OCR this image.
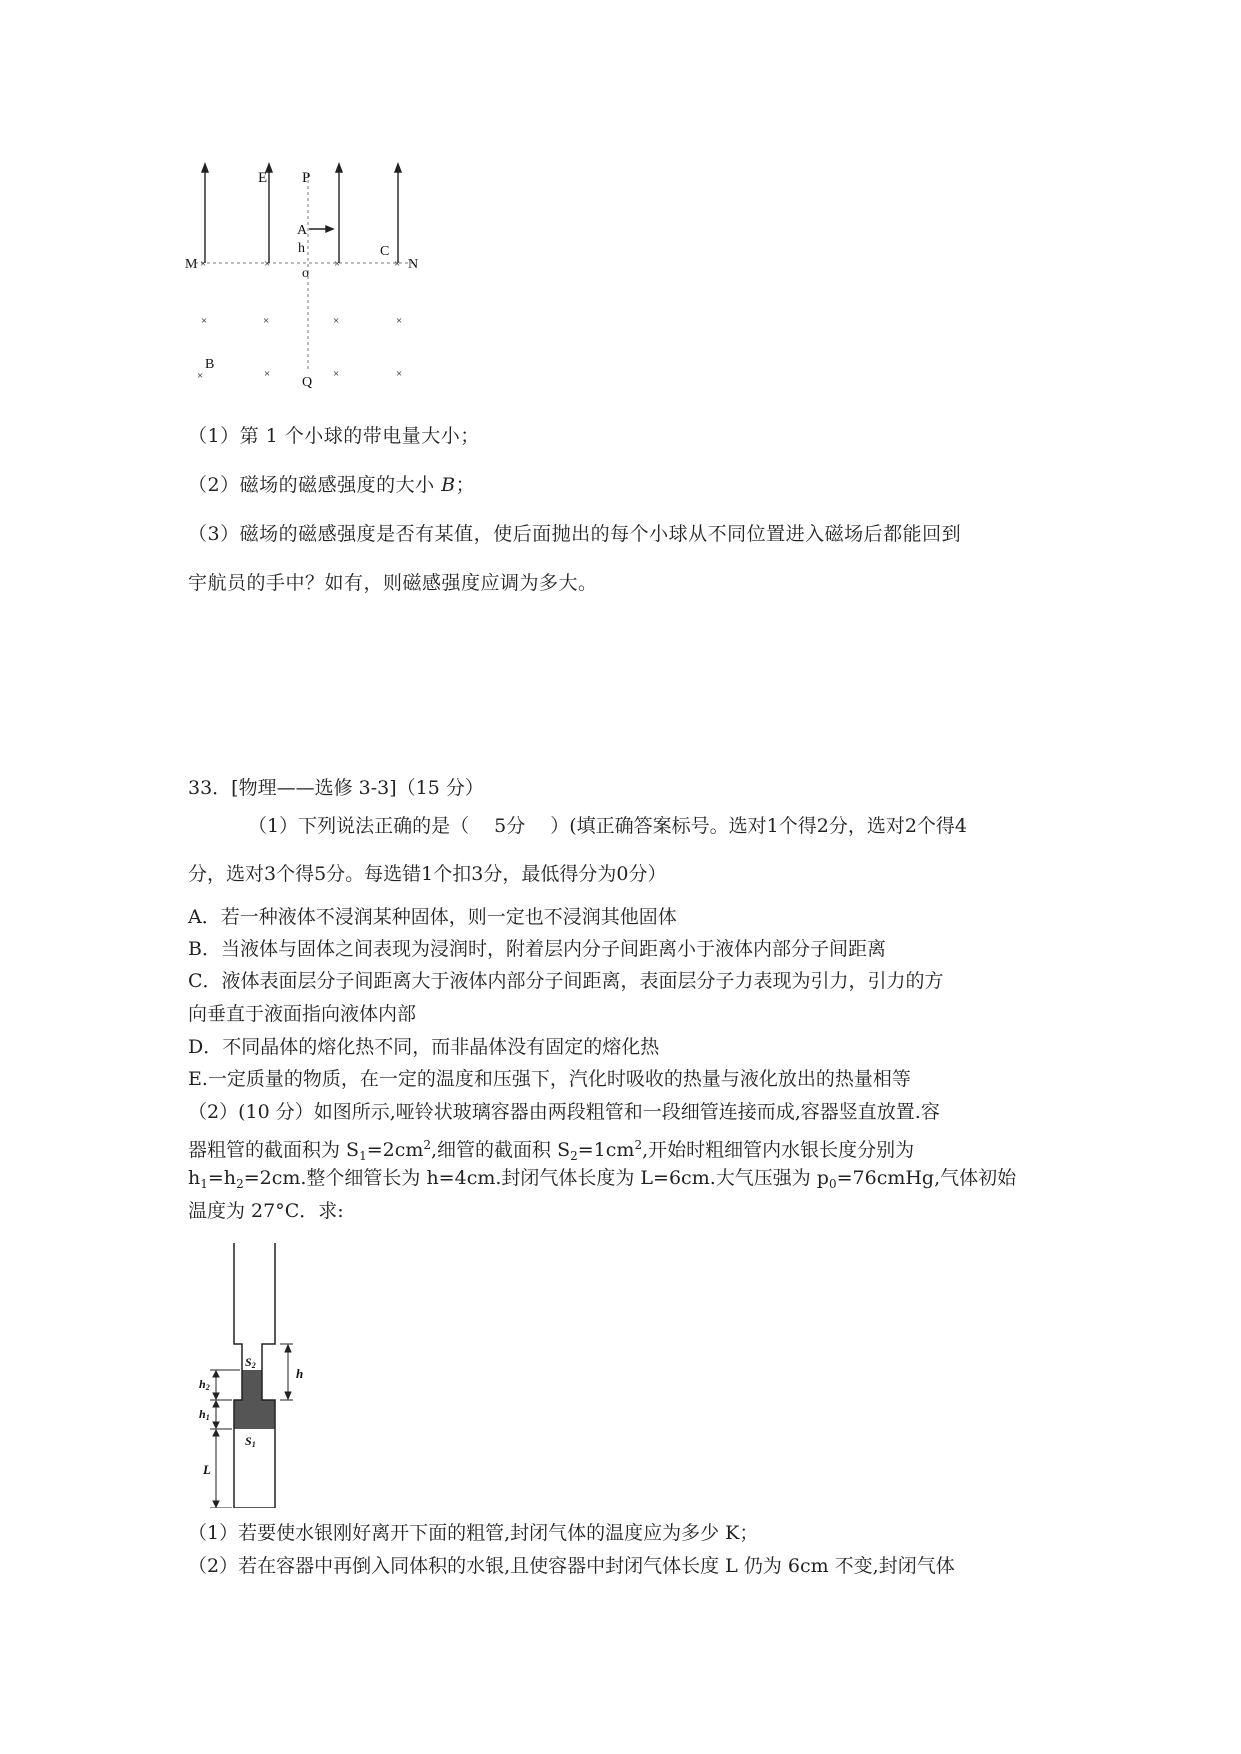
E P
A
h	C
M	N
o
B
Q
×	×	×	×
×	×	×	×
×	×	×	×
（1）第 1 个小球的带电量大小；
（2）磁场的磁感强度的大小 B；
（3）磁场的磁感强度是否有某值，使后面抛出的每个小球从不同位置进入磁场后都能回到
宇航员的手中？如有，则磁感强度应调为多大。
33．[物理——选修 3-3]（15 分）
（1）下列说法正确的是（　 5分　 ）(填正确答案标号。选对1个得2分，选对2个得4
分，选对3个得5分。每选错1个扣3分，最低得分为0分）
A．若一种液体不浸润某种固体，则一定也不浸润其他固体
B．当液体与固体之间表现为浸润时，附着层内分子间距离小于液体内部分子间距离
C．液体表面层分子间距离大于液体内部分子间距离，表面层分子力表现为引力，引力的方
向垂直于液面指向液体内部
D．不同晶体的熔化热不同，而非晶体没有固定的熔化热
E.一定质量的物质，在一定的温度和压强下，汽化时吸收的热量与液化放出的热量相等
（2）(10 分）如图所示,哑铃状玻璃容器由两段粗管和一段细管连接而成,容器竖直放置.容
器粗管的截面积为 $S_1=2cm^2$,细管的截面积 $S_2=1cm^2$,开始时粗细管内水银长度分别为
$h_1=h_2=2cm$.整个细管长为 h=4cm.封闭气体长度为 L=6cm.大气压强为 $p_0=76cmHg$,气体初始
温度为 27°C．求:
S2
S1
h
h2
h1
L
（1）若要使水银刚好离开下面的粗管,封闭气体的温度应为多少 K；
（2）若在容器中再倒入同体积的水银,且使容器中封闭气体长度 L 仍为 6cm 不变,封闭气体
